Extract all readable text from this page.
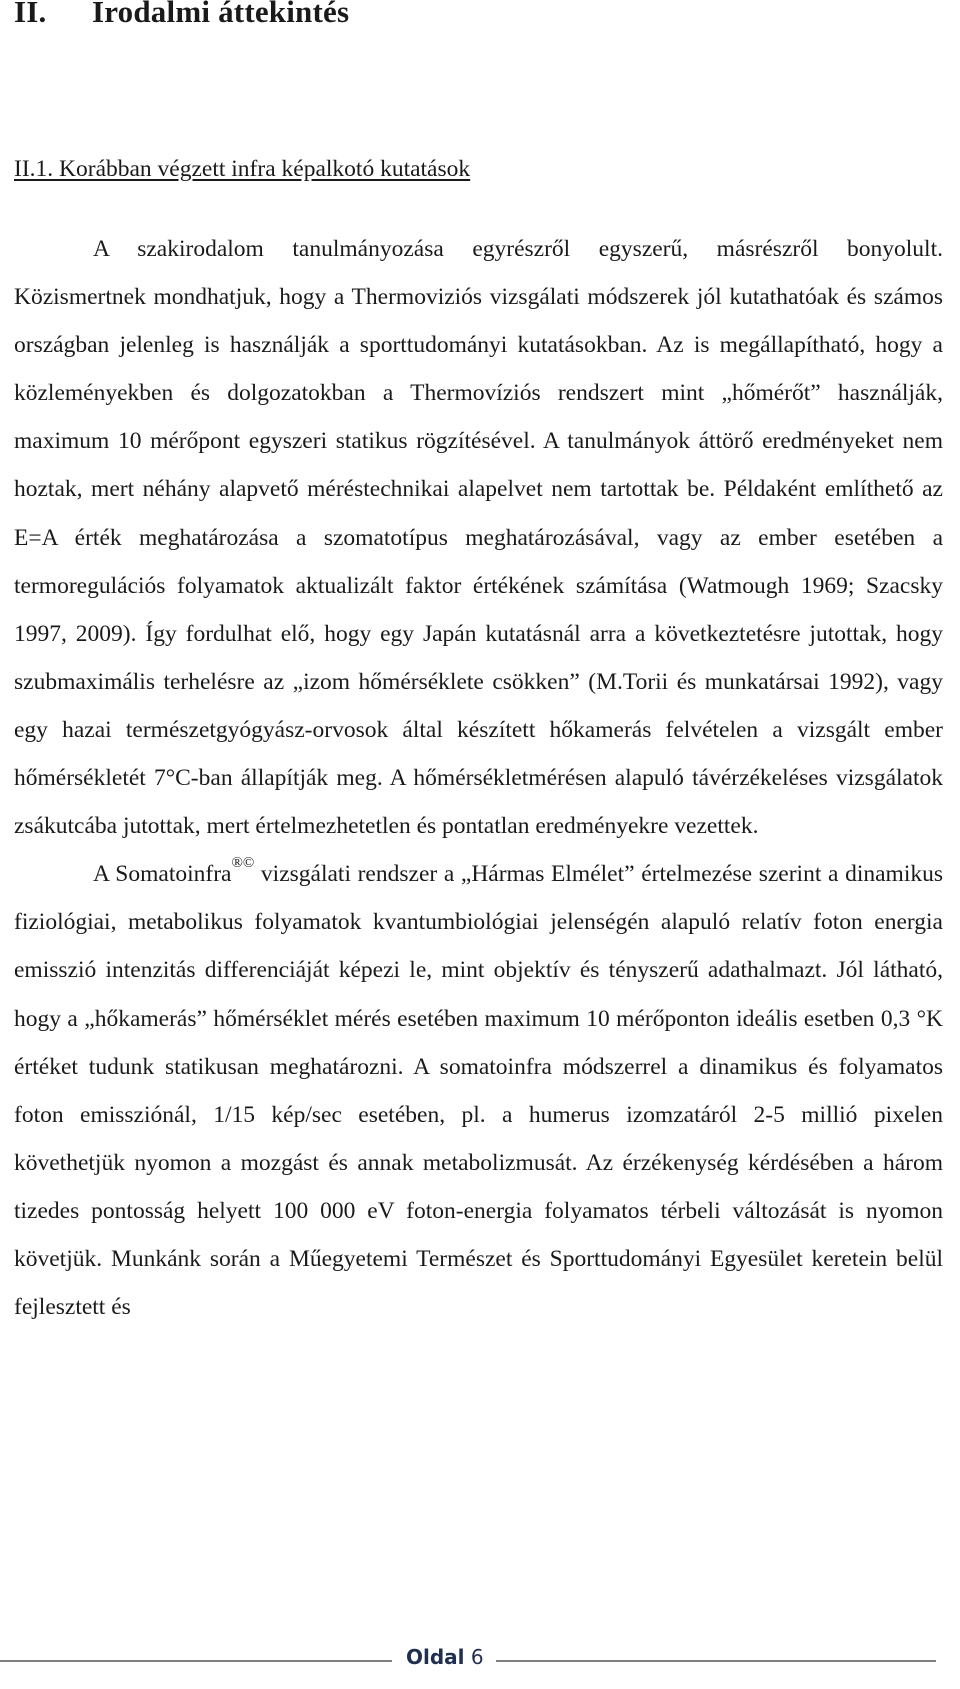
II. Irodalmi áttekintés
II.1. Korábban végzett infra képalkotó kutatások

A szakirodalom tanulmányozása egyrészről egyszerű, másrészről bonyolult. Közismertnek mondhatjuk, hogy a Thermoviziós vizsgálati módszerek jól kutathatóak és számos országban jelenleg is használják a sporttudományi kutatásokban. Az is megállapítható, hogy a közleményekben és dolgozatokban a Thermovíziós rendszert mint „hőmérőt” használják, maximum 10 mérőpont egyszeri statikus rögzítésével. A tanulmányok áttörő eredményeket nem hoztak, mert néhány alapvető méréstechnikai alapelvet nem tartottak be. Példaként említhető az E=A érték meghatározása a szomatotípus meghatározásával, vagy az ember esetében a termoregulációs folyamatok aktualizált faktor értékének számítása (Watmough 1969; Szacsky 1997, 2009). Így fordulhat elő, hogy egy Japán kutatásnál arra a következtetésre jutottak, hogy szubmaximális terhelésre az „izom hőmérséklete csökken” (M.Torii és munkatársai 1992), vagy egy hazai természetgyógyász-orvosok által készített hőkamerás felvételen a vizsgált ember hőmérsékletét 7°C-ban állapítják meg. A hőmérsékletmérésen alapuló távérzékeléses vizsgálatok zsákutcába jutottak, mert értelmezhetetlen és pontatlan eredményekre vezettek.

A Somatoinfra®© vizsgálati rendszer a „Hármas Elmélet” értelmezése szerint a dinamikus fiziológiai, metabolikus folyamatok kvantumbiológiai jelenségén alapuló relatív foton energia emisszió intenzitás differenciáját képezi le, mint objektív és tényszerű adathalmazt. Jól látható, hogy a „hőkamerás” hőmérséklet mérés esetében maximum 10 mérőponton ideális esetben 0,3 °K értéket tudunk statikusan meghatározni. A somatoinfra módszerrel a dinamikus és folyamatos foton emissziónál, 1/15 kép/sec esetében, pl. a humerus izomzatáról 2-5 millió pixelen követhetjük nyomon a mozgást és annak metabolizmusát. Az érzékenység kérdésében a három tizedes pontosság helyett 100 000 eV foton-energia folyamatos térbeli változását is nyomon követjük. Munkánk során a Műegyetemi Természet és Sporttudományi Egyesület keretein belül fejlesztett és

Oldal 6
